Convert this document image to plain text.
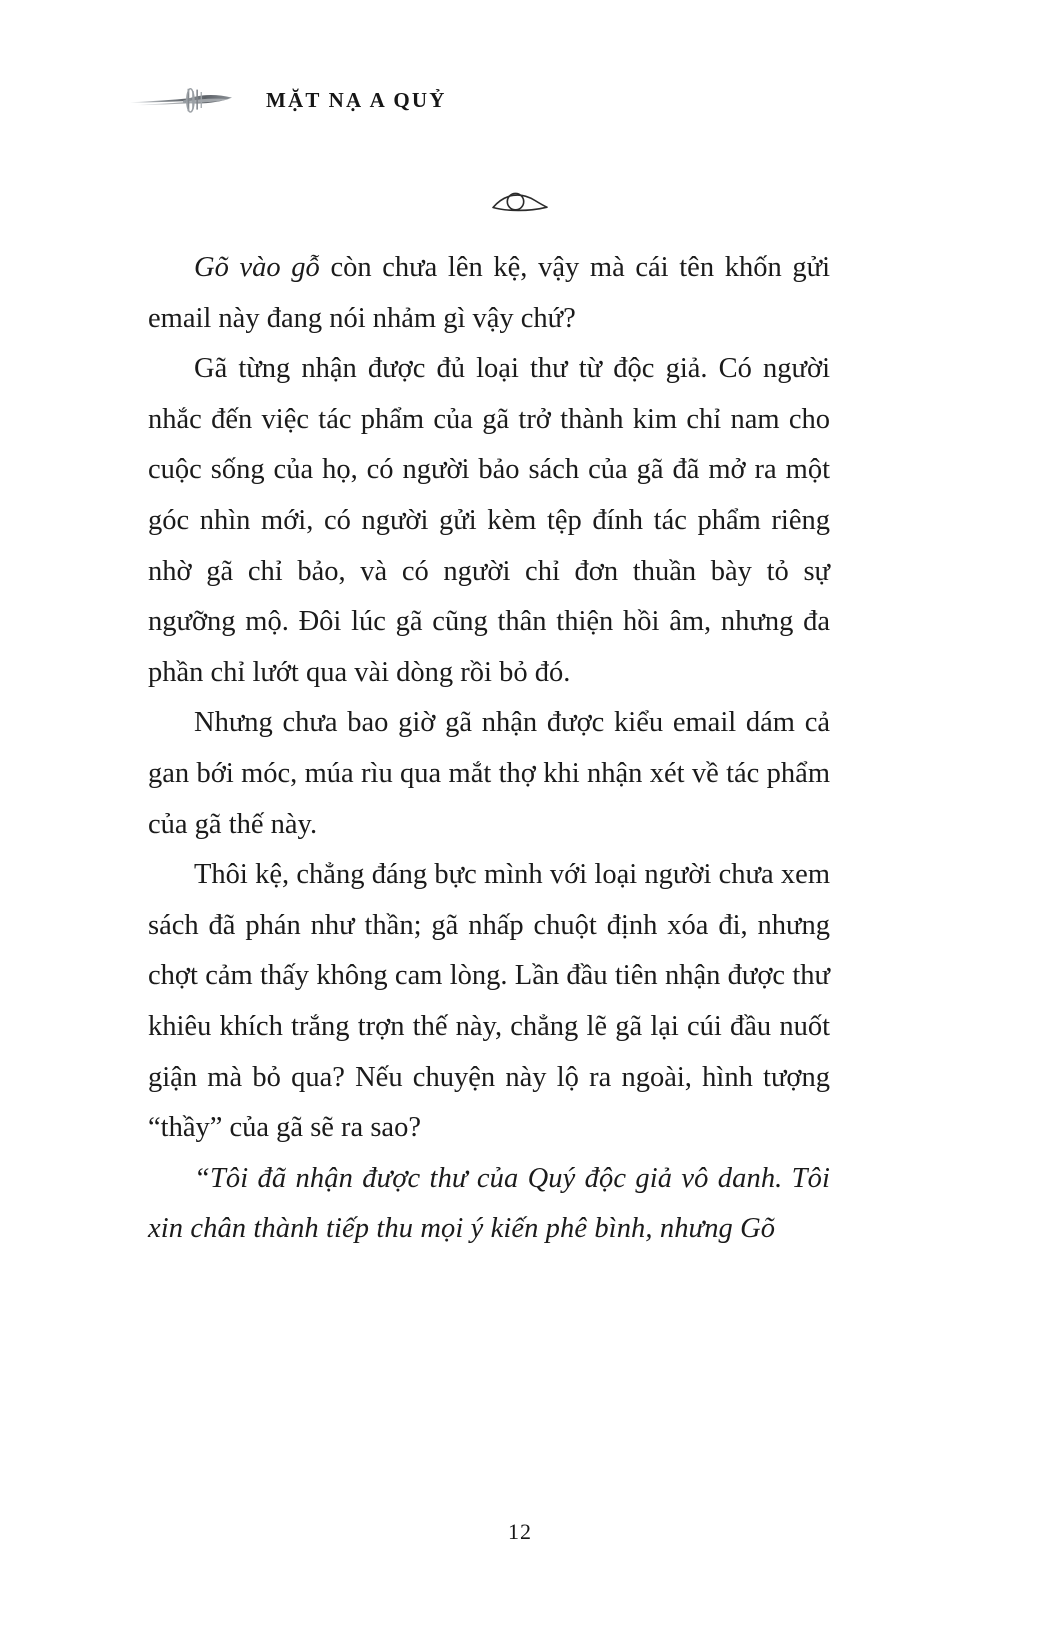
MẶT NẠ A QUỶ

Gõ vào gỗ còn chưa lên kệ, vậy mà cái tên khốn gửi email này đang nói nhảm gì vậy chứ?

Gã từng nhận được đủ loại thư từ độc giả. Có người nhắc đến việc tác phẩm của gã trở thành kim chỉ nam cho cuộc sống của họ, có người bảo sách của gã đã mở ra một góc nhìn mới, có người gửi kèm tệp đính tác phẩm riêng nhờ gã chỉ bảo, và có người chỉ đơn thuần bày tỏ sự ngưỡng mộ. Đôi lúc gã cũng thân thiện hồi âm, nhưng đa phần chỉ lướt qua vài dòng rồi bỏ đó.

Nhưng chưa bao giờ gã nhận được kiểu email dám cả gan bới móc, múa rìu qua mắt thợ khi nhận xét về tác phẩm của gã thế này.

Thôi kệ, chẳng đáng bực mình với loại người chưa xem sách đã phán như thần; gã nhấp chuột định xóa đi, nhưng chợt cảm thấy không cam lòng. Lần đầu tiên nhận được thư khiêu khích trắng trợn thế này, chẳng lẽ gã lại cúi đầu nuốt giận mà bỏ qua? Nếu chuyện này lộ ra ngoài, hình tượng “thầy” của gã sẽ ra sao?

“Tôi đã nhận được thư của Quý độc giả vô danh. Tôi xin chân thành tiếp thu mọi ý kiến phê bình, nhưng Gõ

12
